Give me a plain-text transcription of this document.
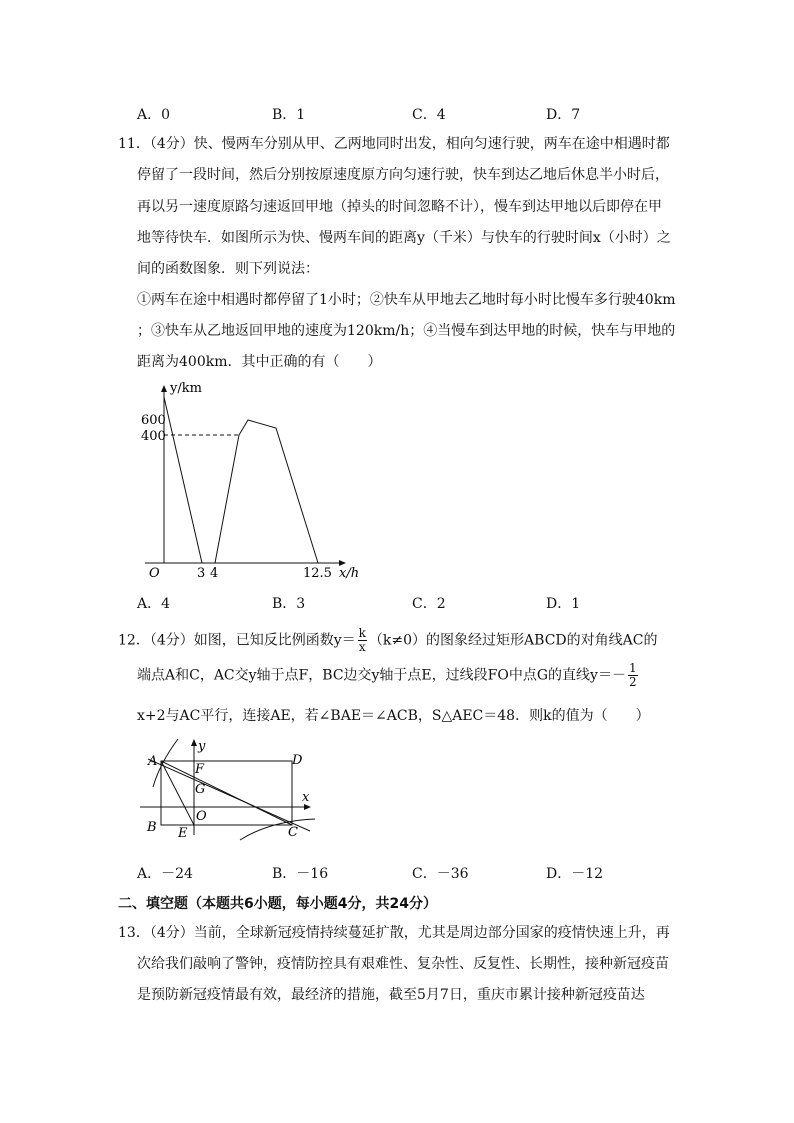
A．0	B．1	C．4	D．7
11．（4分）快、慢两车分别从甲、乙两地同时出发，相向匀速行驶，两车在途中相遇时都
停留了一段时间，然后分别按原速度原方向匀速行驶，快车到达乙地后休息半小时后，
再以另一速度原路匀速返回甲地（掉头的时间忽略不计），慢车到达甲地以后即停在甲
地等待快车．如图所示为快、慢两车间的距离y（千米）与快车的行驶时间x（小时）之
间的函数图象．则下列说法：
①两车在途中相遇时都停留了1小时；②快车从甲地去乙地时每小时比慢车多行驶40km
；③快车从乙地返回甲地的速度为120km/h；④当慢车到达甲地的时候，快车与甲地的
距离为400km．其中正确的有（　　）
y/km
x/h
O
600
400
3 4	12.5
A．4	B．3	C．2	D．1
12．（4分）如图，已知反比例函数$y= \frac{k}{x} (k\ne 0)$的图象经过矩形ABCD的对角线AC的
端点A和C，AC交y轴于点F，BC边交y轴于点E，过线段FO中点G的直线$y=- \frac{1}{2}$
x+2与AC平行，连接AE，若∠BAE＝∠ACB，S△AEC＝48．则k的值为（　　）
A
y
D
F
G
x
O
B E	C
A．－24	B．－16	C．－36	D．－12
二、填空题（本题共6小题，每小题4分，共24分）
13．（4分）当前，全球新冠疫情持续蔓延扩散，尤其是周边部分国家的疫情快速上升，再
次给我们敲响了警钟，疫情防控具有艰难性、复杂性、反复性、长期性，接种新冠疫苗
是预防新冠疫情最有效，最经济的措施，截至5月7日，重庆市累计接种新冠疫苗达
